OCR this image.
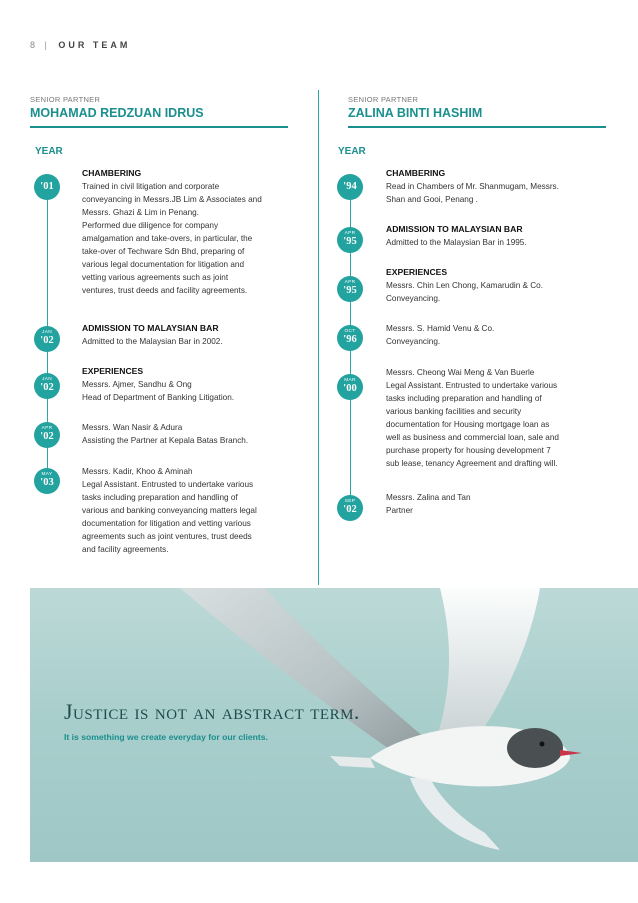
8 | OUR TEAM
SENIOR PARTNER
MOHAMAD REDZUAN IDRUS
YEAR
'01
JAN
'02
JAN
'02
APR
'02
MAY
'03
CHAMBERING
Trained in civil litigation and corporate
conveyancing in Messrs.JB Lim & Associates and
Messrs. Ghazi & Lim in Penang.
Performed due diligence for company
amalgamation and take-overs, in particular, the
take-over of Techware Sdn Bhd, preparing of
various legal documentation for litigation and
vetting various agreements such as joint
ventures, trust deeds and facility agreements.
ADMISSION TO MALAYSIAN BAR
Admitted to the Malaysian Bar in 2002.
EXPERIENCES
Messrs. Ajmer, Sandhu & Ong
Head of Department of Banking Litigation.
Messrs. Wan Nasir & Adura
Assisting the Partner at Kepala Batas Branch.
Messrs. Kadir, Khoo & Aminah
Legal Assistant. Entrusted to undertake various
tasks including preparation and handling of
various and banking conveyancing matters legal
documentation for litigation and vetting various
agreements such as joint ventures, trust deeds
and facility agreements.
SENIOR PARTNER
ZALINA BINTI HASHIM
YEAR
'94
APR
'95
APR
'95
OCT
'96
MAR
'00
SEP
'02
CHAMBERING
Read in Chambers of Mr. Shanmugam, Messrs.
Shan and Gooi, Penang .
ADMISSION TO MALAYSIAN BAR
Admitted to the Malaysian Bar in 1995.
EXPERIENCES
Messrs. Chin Len Chong, Kamarudin & Co.
Conveyancing.
Messrs. S. Hamid Venu & Co.
Conveyancing.
Messrs. Cheong Wai Meng & Van Buerle
Legal Assistant. Entrusted to undertake various
tasks including preparation and handling of
various banking facilities and security
documentation for Housing mortgage loan as
well as business and commercial loan, sale and
purchase property for housing development 7
sub lease, tenancy Agreement and drafting will.
Messrs. Zalina and Tan
Partner
Justice is not an abstract term.
It is something we create everyday for our clients.
